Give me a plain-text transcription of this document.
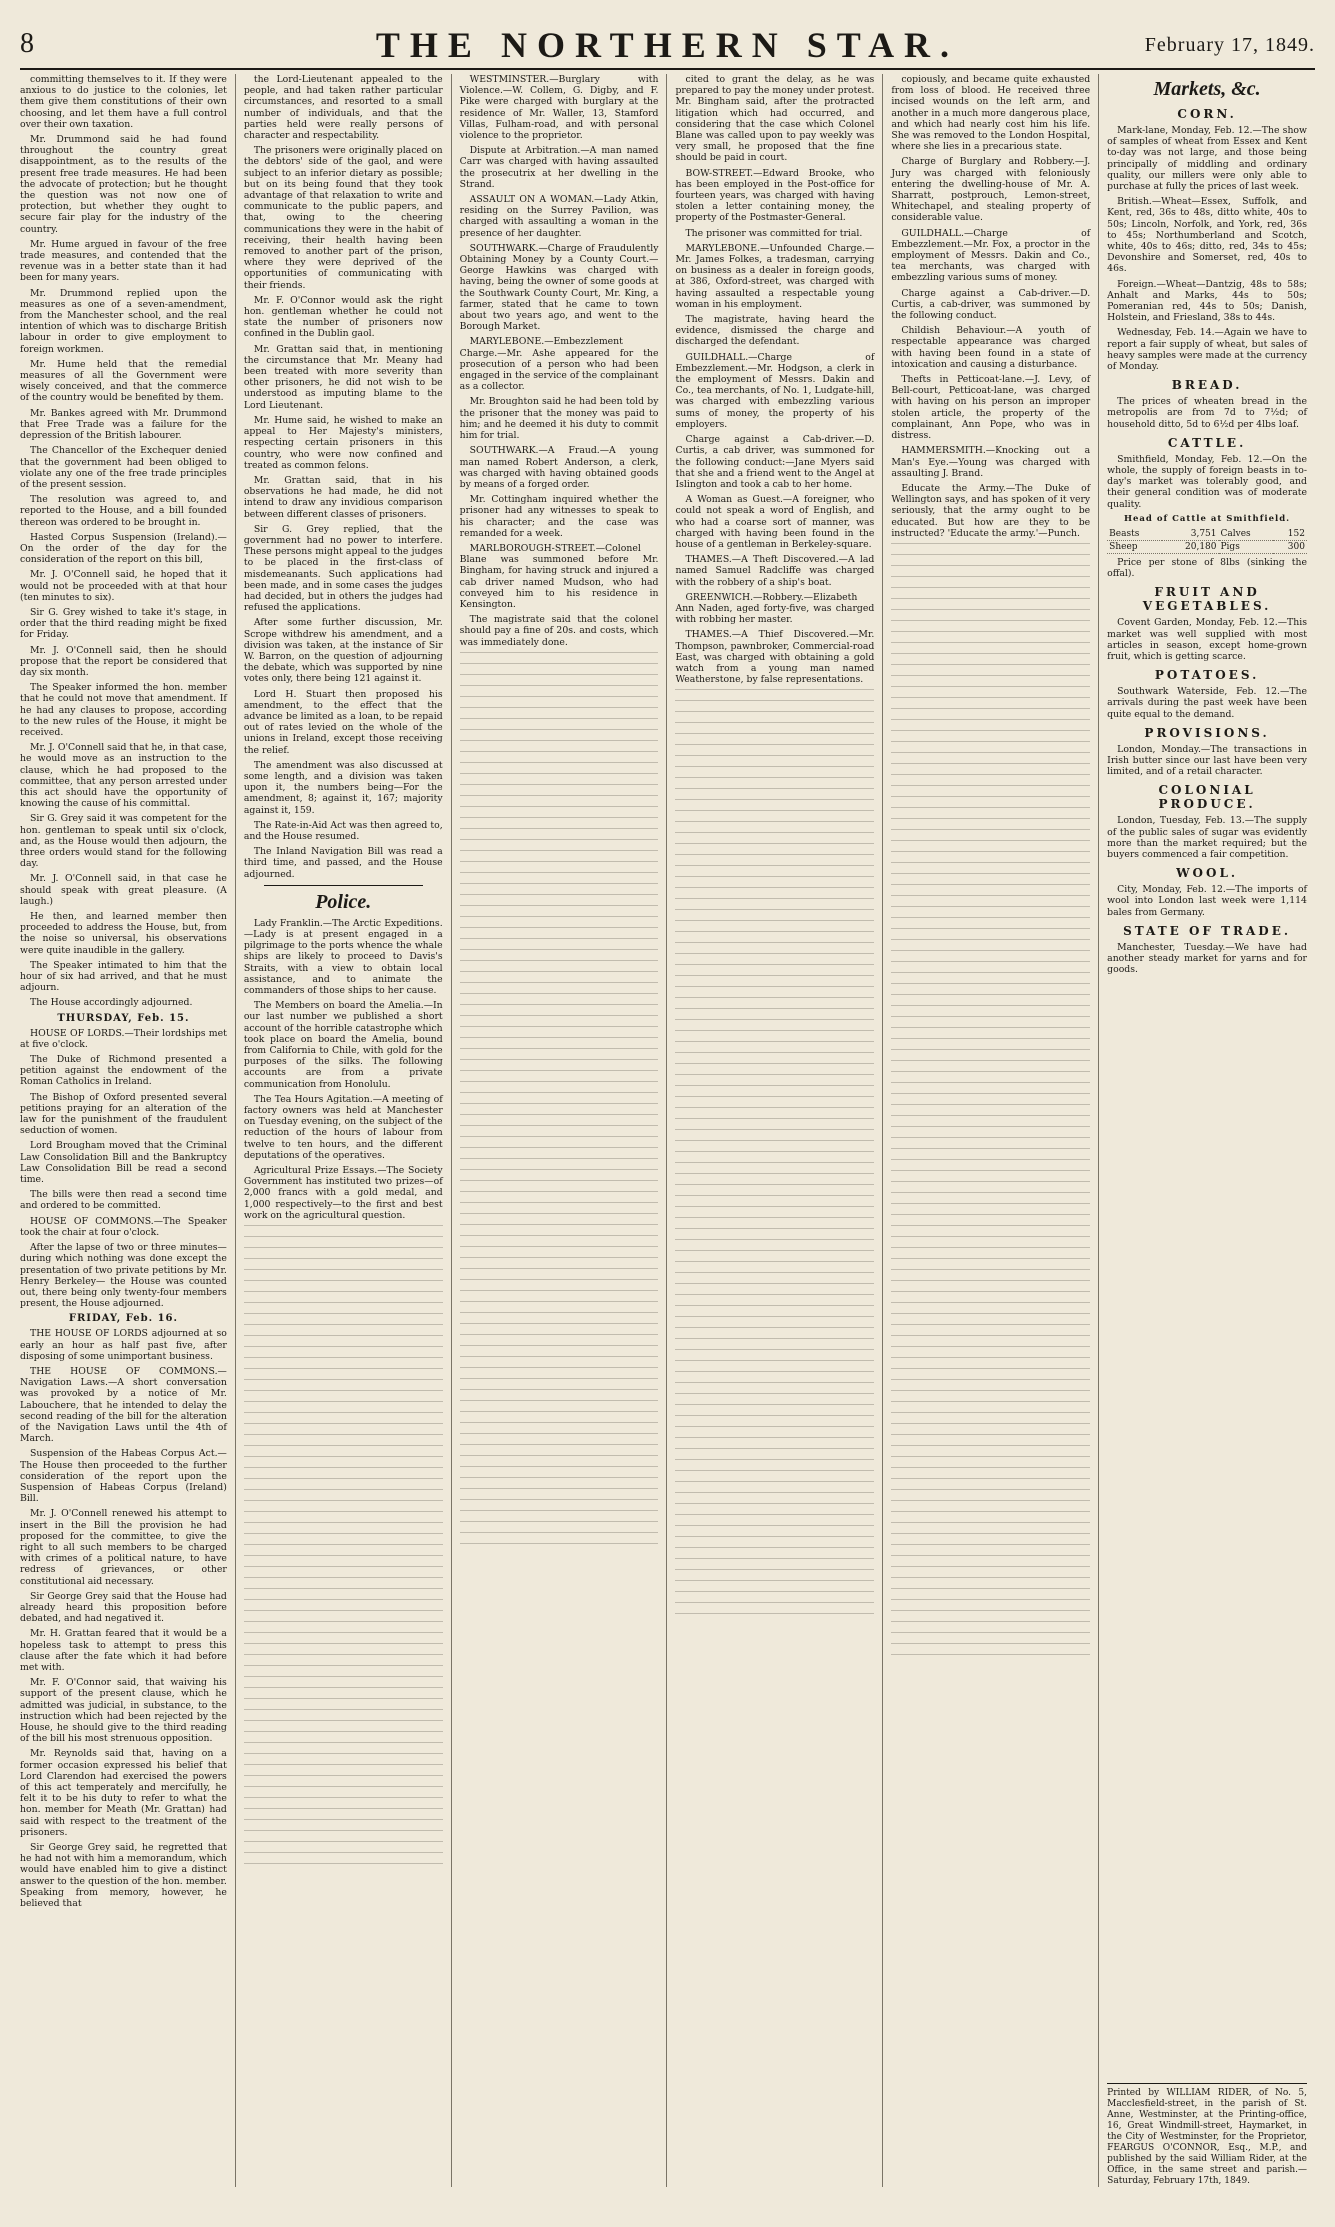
8	THE NORTHERN STAR.	February 17, 1849.

committing themselves to it. If they were anxious to do justice to the colonies, let them give them constitutions of their own choosing, and let them have a full control over their own taxation.

Mr. Drummond said he had found throughout the country great disappointment, as to the results of the present free trade measures. He had been the advocate of protection; but he thought the question was not now one of protection, but whether they ought to secure fair play for the industry of the country.

Mr. Hume argued in favour of the free trade measures, and contended that the revenue was in a better state than it had been for many years.

Mr. Drummond replied upon the measures as one of a seven-amendment, from the Manchester school, and the real intention of which was to discharge British labour in order to give employment to foreign workmen.

Mr. Hume held that the remedial measures of all the Government were wisely conceived, and that the commerce of the country would be benefited by them.

Mr. Bankes agreed with Mr. Drummond that Free Trade was a failure for the depression of the British labourer.

The Chancellor of the Exchequer denied that the government had been obliged to violate any one of the free trade principles of the present session.

The resolution was agreed to, and reported to the House, and a bill founded thereon was ordered to be brought in.

Hasted Corpus Suspension (Ireland).— On the order of the day for the consideration of the report on this bill,

Mr. J. O'Connell said, he hoped that it would not be proceeded with at that hour (ten minutes to six).

Sir G. Grey wished to take it's stage, in order that the third reading might be fixed for Friday.

Mr. J. O'Connell said, then he should propose that the report be considered that day six month.

The Speaker informed the hon. member that he could not move that amendment. If he had any clauses to propose, according to the new rules of the House, it might be received.

Mr. J. O'Connell said that he, in that case, he would move as an instruction to the clause, which he had proposed to the committee, that any person arrested under this act should have the opportunity of knowing the cause of his committal.

Sir G. Grey said it was competent for the hon. gentleman to speak until six o'clock, and, as the House would then adjourn, the three orders would stand for the following day.

Mr. J. O'Connell said, in that case he should speak with great pleasure. (A laugh.)

He then, and learned member then proceeded to address the House, but, from the noise so universal, his observations were quite inaudible in the gallery.

The Speaker intimated to him that the hour of six had arrived, and that he must adjourn.

The House accordingly adjourned.

THURSDAY, Feb. 15.

HOUSE OF LORDS.—Their lordships met at five o'clock.

The Duke of Richmond presented a petition against the endowment of the Roman Catholics in Ireland.

The Bishop of Oxford presented several petitions praying for an alteration of the law for the punishment of the fraudulent seduction of women.

Lord Brougham moved that the Criminal Law Consolidation Bill and the Bankruptcy Law Consolidation Bill be read a second time.

The bills were then read a second time and ordered to be committed.

HOUSE OF COMMONS.—The Speaker took the chair at four o'clock.

After the lapse of two or three minutes—during which nothing was done except the presentation of two private petitions by Mr. Henry Berkeley— the House was counted out, there being only twenty-four members present, the House adjourned.

FRIDAY, Feb. 16.

THE HOUSE OF LORDS adjourned at so early an hour as half past five, after disposing of some unimportant business.

THE HOUSE OF COMMONS.—Navigation Laws.—A short conversation was provoked by a notice of Mr. Labouchere, that he intended to delay the second reading of the bill for the alteration of the Navigation Laws until the 4th of March.

Suspension of the Habeas Corpus Act.—The House then proceeded to the further consideration of the report upon the Suspension of Habeas Corpus (Ireland) Bill.

Mr. J. O'Connell renewed his attempt to insert in the Bill the provision he had proposed for the committee, to give the right to all such members to be charged with crimes of a political nature, to have redress of grievances, or other constitutional aid necessary.

Sir George Grey said that the House had already heard this proposition before debated, and had negatived it.

Mr. H. Grattan feared that it would be a hopeless task to attempt to press this clause after the fate which it had before met with.

Mr. F. O'Connor said, that waiving his support of the present clause, which he admitted was judicial, in substance, to the instruction which had been rejected by the House, he should give to the third reading of the bill his most strenuous opposition.

Mr. Reynolds said that, having on a former occasion expressed his belief that Lord Clarendon had exercised the powers of this act temperately and mercifully, he felt it to be his duty to refer to what the hon. member for Meath (Mr. Grattan) had said with respect to the treatment of the prisoners.

Sir George Grey said, he regretted that he had not with him a memorandum, which would have enabled him to give a distinct answer to the question of the hon. member. Speaking from memory, however, he believed that

the Lord-Lieutenant appealed to the people, and had taken rather particular circumstances, and resorted to a small number of individuals, and that the parties held were really persons of character and respectability.

The prisoners were originally placed on the debtors' side of the gaol, and were subject to an inferior dietary as possible; but on its being found that they took advantage of that relaxation to write and communicate to the public papers, and that, owing to the cheering communications they were in the habit of receiving, their health having been removed to another part of the prison, where they were deprived of the opportunities of communicating with their friends.

Mr. F. O'Connor would ask the right hon. gentleman whether he could not state the number of prisoners now confined in the Dublin gaol.

Mr. Grattan said that, in mentioning the circumstance that Mr. Meany had been treated with more severity than other prisoners, he did not wish to be understood as imputing blame to the Lord Lieutenant.

Mr. Hume said, he wished to make an appeal to Her Majesty's ministers, respecting certain prisoners in this country, who were now confined and treated as common felons.

Mr. Grattan said, that in his observations he had made, he did not intend to draw any invidious comparison between different classes of prisoners.

Sir G. Grey replied, that the government had no power to interfere. These persons might appeal to the judges to be placed in the first-class of misdemeanants. Such applications had been made, and in some cases the judges had decided, but in others the judges had refused the applications.

After some further discussion, Mr. Scrope withdrew his amendment, and a division was taken, at the instance of Sir W. Barron, on the question of adjourning the debate, which was supported by nine votes only, there being 121 against it.

Lord H. Stuart then proposed his amendment, to the effect that the advance be limited as a loan, to be repaid out of rates levied on the whole of the unions in Ireland, except those receiving the relief.

The amendment was also discussed at some length, and a division was taken upon it, the numbers being—For the amendment, 8; against it, 167; majority against it, 159.

The Rate-in-Aid Act was then agreed to, and the House resumed.

The Inland Navigation Bill was read a third time, and passed, and the House adjourned.

Police.

Lady Franklin.—The Arctic Expeditions.—Lady is at present engaged in a pilgrimage to the ports whence the whale ships are likely to proceed to Davis's Straits, with a view to obtain local assistance, and to animate the commanders of those ships to her cause.

The Members on board the Amelia.—In our last number we published a short account of the horrible catastrophe which took place on board the Amelia, bound from California to Chile, with gold for the purposes of the silks. The following accounts are from a private communication from Honolulu.

The Tea Hours Agitation.—A meeting of factory owners was held at Manchester on Tuesday evening, on the subject of the reduction of the hours of labour from twelve to ten hours, and the different deputations of the operatives.

Agricultural Prize Essays.—The Society Government has instituted two prizes—of 2,000 francs with a gold medal, and 1,000 respectively—to the first and best work on the agricultural question.

WESTMINSTER.—Burglary with Violence.—W. Collem, G. Digby, and F. Pike were charged with burglary at the residence of Mr. Waller, 13, Stamford Villas, Fulham-road, and with personal violence to the proprietor.

Dispute at Arbitration.—A man named Carr was charged with having assaulted the prosecutrix at her dwelling in the Strand.

ASSAULT ON A WOMAN.—Lady Atkin, residing on the Surrey Pavilion, was charged with assaulting a woman in the presence of her daughter.

SOUTHWARK.—Charge of Fraudulently Obtaining Money by a County Court.—George Hawkins was charged with having, being the owner of some goods at the Southwark County Court, Mr. King, a farmer, stated that he came to town about two years ago, and went to the Borough Market.

MARYLEBONE.—Embezzlement Charge.—Mr. Ashe appeared for the prosecution of a person who had been engaged in the service of the complainant as a collector.

Mr. Broughton said he had been told by the prisoner that the money was paid to him; and he deemed it his duty to commit him for trial.

SOUTHWARK.—A Fraud.—A young man named Robert Anderson, a clerk, was charged with having obtained goods by means of a forged order.

Mr. Cottingham inquired whether the prisoner had any witnesses to speak to his character; and the case was remanded for a week.

MARLBOROUGH-STREET.—Colonel Blane was summoned before Mr. Bingham, for having struck and injured a cab driver named Mudson, who had conveyed him to his residence in Kensington.

The magistrate said that the colonel should pay a fine of 20s. and costs, which was immediately done.

cited to grant the delay, as he was prepared to pay the money under protest. Mr. Bingham said, after the protracted litigation which had occurred, and considering that the case which Colonel Blane was called upon to pay weekly was very small, he proposed that the fine should be paid in court.

BOW-STREET.—Edward Brooke, who has been employed in the Post-office for fourteen years, was charged with having stolen a letter containing money, the property of the Postmaster-General.

The prisoner was committed for trial.

MARYLEBONE.—Unfounded Charge.—Mr. James Folkes, a tradesman, carrying on business as a dealer in foreign goods, at 386, Oxford-street, was charged with having assaulted a respectable young woman in his employment.

The magistrate, having heard the evidence, dismissed the charge and discharged the defendant.

GUILDHALL.—Charge of Embezzlement.—Mr. Hodgson, a clerk in the employment of Messrs. Dakin and Co., tea merchants, of No. 1, Ludgate-hill, was charged with embezzling various sums of money, the property of his employers.

Charge against a Cab-driver.—D. Curtis, a cab driver, was summoned for the following conduct:—Jane Myers said that she and a friend went to the Angel at Islington and took a cab to her home.

A Woman as Guest.—A foreigner, who could not speak a word of English, and who had a coarse sort of manner, was charged with having been found in the house of a gentleman in Berkeley-square.

THAMES.—A Theft Discovered.—A lad named Samuel Radcliffe was charged with the robbery of a ship's boat.

GREENWICH.—Robbery.—Elizabeth Ann Naden, aged forty-five, was charged with robbing her master.

THAMES.—A Thief Discovered.—Mr. Thompson, pawnbroker, Commercial-road East, was charged with obtaining a gold watch from a young man named Weatherstone, by false representations.

copiously, and became quite exhausted from loss of blood. He received three incised wounds on the left arm, and another in a much more dangerous place, and which had nearly cost him his life. She was removed to the London Hospital, where she lies in a precarious state.

Charge of Burglary and Robbery.—J. Jury was charged with feloniously entering the dwelling-house of Mr. A. Sharratt, postprouch, Lemon-street, Whitechapel, and stealing property of considerable value.

GUILDHALL.—Charge of Embezzlement.—Mr. Fox, a proctor in the employment of Messrs. Dakin and Co., tea merchants, was charged with embezzling various sums of money.

Charge against a Cab-driver.—D. Curtis, a cab-driver, was summoned by the following conduct.

Childish Behaviour.—A youth of respectable appearance was charged with having been found in a state of intoxication and causing a disturbance.

Thefts in Petticoat-lane.—J. Levy, of Bell-court, Petticoat-lane, was charged with having on his person an improper stolen article, the property of the complainant, Ann Pope, who was in distress.

HAMMERSMITH.—Knocking out a Man's Eye.—Young was charged with assaulting J. Brand.

Educate the Army.—The Duke of Wellington says, and has spoken of it very seriously, that the army ought to be educated. But how are they to be instructed? 'Educate the army.'—Punch.

Markets, &c.
CORN.

Mark-lane, Monday, Feb. 12.—The show of samples of wheat from Essex and Kent to-day was not large, and those being principally of middling and ordinary quality, our millers were only able to purchase at fully the prices of last week.

British.—Wheat—Essex, Suffolk, and Kent, red, 36s to 48s, ditto white, 40s to 50s; Lincoln, Norfolk, and York, red, 36s to 45s; Northumberland and Scotch, white, 40s to 46s; ditto, red, 34s to 45s; Devonshire and Somerset, red, 40s to 46s.

Foreign.—Wheat—Dantzig, 48s to 58s; Anhalt and Marks, 44s to 50s; Pomeranian red, 44s to 50s; Danish, Holstein, and Friesland, 38s to 44s.

Wednesday, Feb. 14.—Again we have to report a fair supply of wheat, but sales of heavy samples were made at the currency of Monday.

BREAD.

The prices of wheaten bread in the metropolis are from 7d to 7½d; of household ditto, 5d to 6½d per 4lbs loaf.

CATTLE.

Smithfield, Monday, Feb. 12.—On the whole, the supply of foreign beasts in to-day's market was tolerably good, and their general condition was of moderate quality.

Head of Cattle at Smithfield.
Beasts	3,751	Calves	152
Sheep	20,180	Pigs	300

Price per stone of 8lbs (sinking the offal).

FRUIT AND VEGETABLES.

Covent Garden, Monday, Feb. 12.—This market was well supplied with most articles in season, except home-grown fruit, which is getting scarce.

POTATOES.

Southwark Waterside, Feb. 12.—The arrivals during the past week have been quite equal to the demand.

PROVISIONS.

London, Monday.—The transactions in Irish butter since our last have been very limited, and of a retail character.

COLONIAL PRODUCE.

London, Tuesday, Feb. 13.—The supply of the public sales of sugar was evidently more than the market required; but the buyers commenced a fair competition.

WOOL.

City, Monday, Feb. 12.—The imports of wool into London last week were 1,114 bales from Germany.

STATE OF TRADE.

Manchester, Tuesday.—We have had another steady market for yarns and for goods.

Printed by WILLIAM RIDER, of No. 5, Macclesfield-street, in the parish of St. Anne, Westminster, at the Printing-office, 16, Great Windmill-street, Haymarket, in the City of Westminster, for the Proprietor, FEARGUS O'CONNOR, Esq., M.P., and published by the said William Rider, at the Office, in the same street and parish.—Saturday, February 17th, 1849.
